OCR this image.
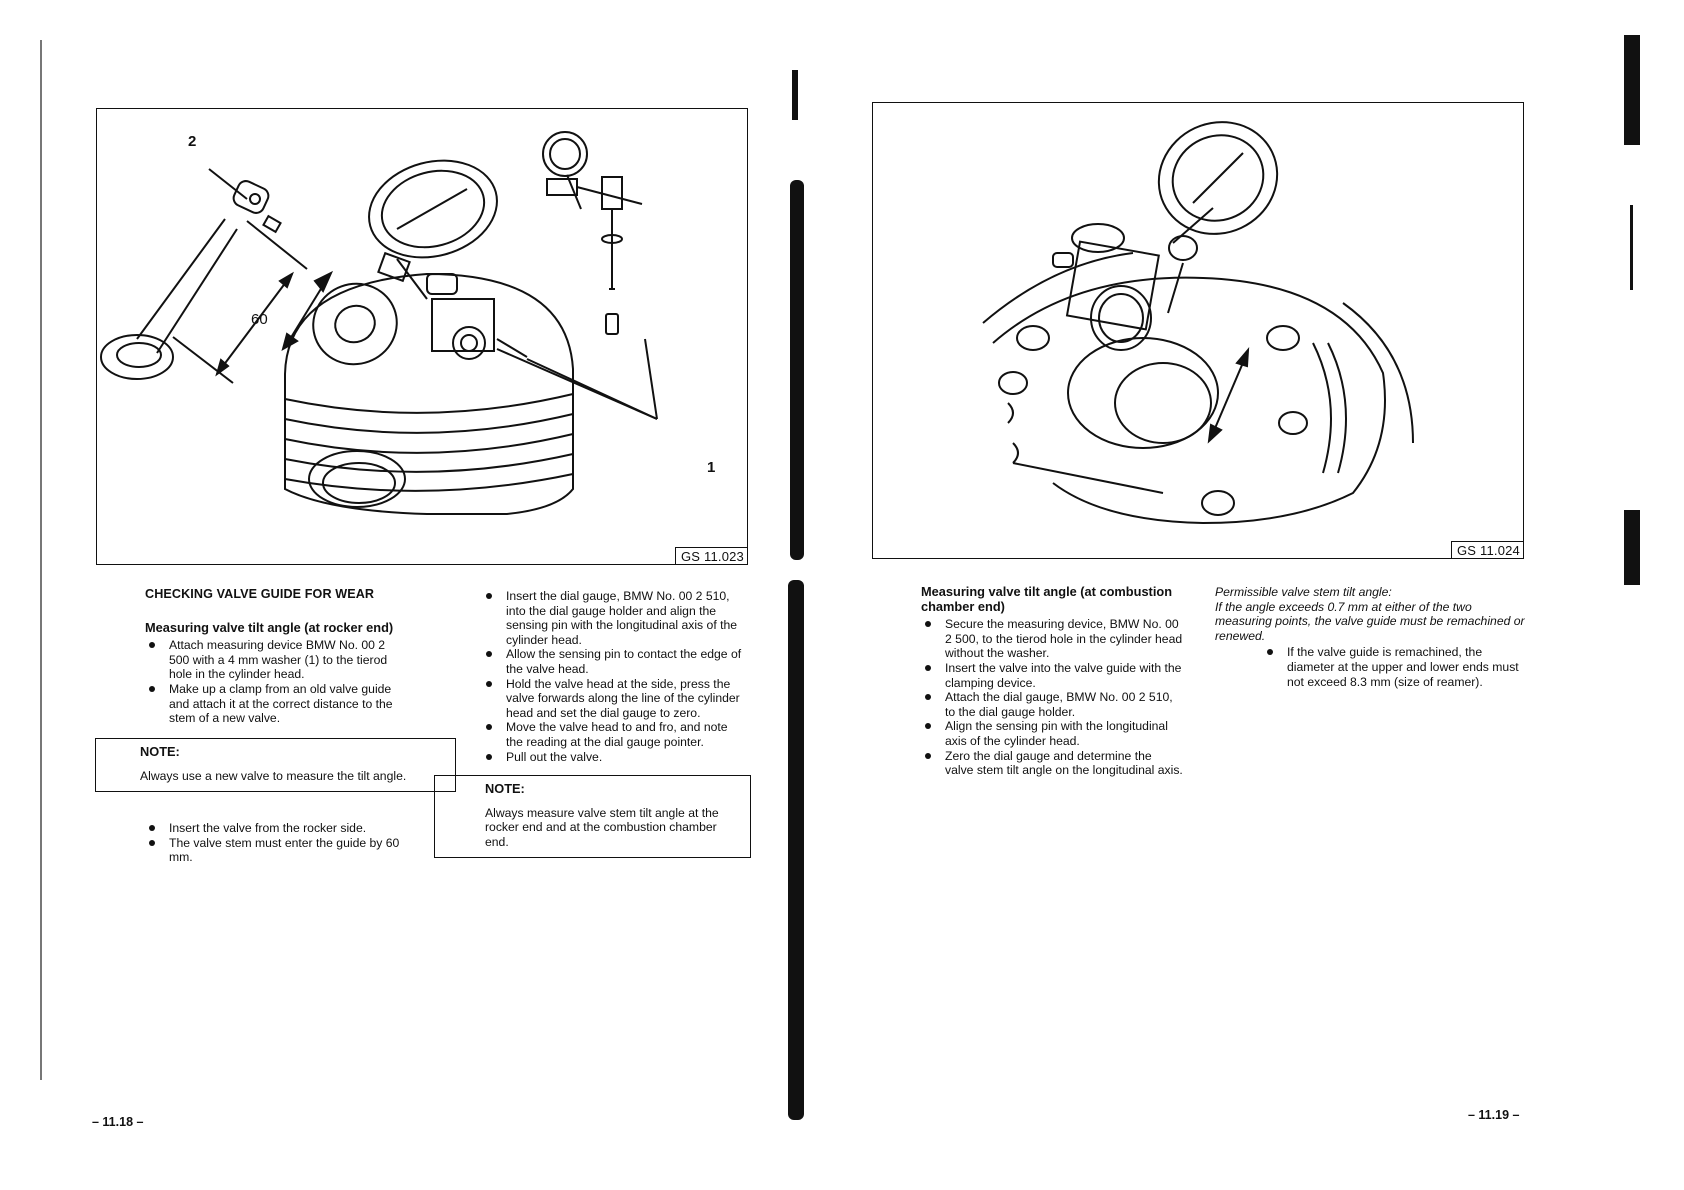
2
60
1
GS 11.023
CHECKING VALVE GUIDE FOR WEAR
Measuring valve tilt angle (at rocker end)
Attach measuring device BMW No. 00 2 500 with a 4 mm washer (1) to the tierod hole in the cylinder head.
Make up a clamp from an old valve guide and attach it at the correct distance to the stem of a new valve.
NOTE:
Always use a new valve to measure the tilt angle.
Insert the valve from the rocker side.
The valve stem must enter the guide by 60 mm.
Insert the dial gauge, BMW No. 00 2 510, into the dial gauge holder and align the sensing pin with the longitudinal axis of the cylinder head.
Allow the sensing pin to contact the edge of the valve head.
Hold the valve head at the side, press the valve forwards along the line of the cylinder head and set the dial gauge to zero.
Move the valve head to and fro, and note the reading at the dial gauge pointer.
Pull out the valve.
NOTE:
Always measure valve stem tilt angle at the rocker end and at the combustion chamber end.
– 11.18 –
GS 11.024
Measuring valve tilt angle (at combustion chamber end)
Secure the measuring device, BMW No. 00 2 500, to the tierod hole in the cylinder head without the washer.
Insert the valve into the valve guide with the clamping device.
Attach the dial gauge, BMW No. 00 2 510, to the dial gauge holder.
Align the sensing pin with the longitudinal axis of the cylinder head.
Zero the dial gauge and determine the valve stem tilt angle on the longitudinal axis.
Permissible valve stem tilt angle:
If the angle exceeds 0.7 mm at either of the two measuring points, the valve guide must be remachined or renewed.
If the valve guide is remachined, the diameter at the upper and lower ends must not exceed 8.3 mm (size of reamer).
– 11.19 –
